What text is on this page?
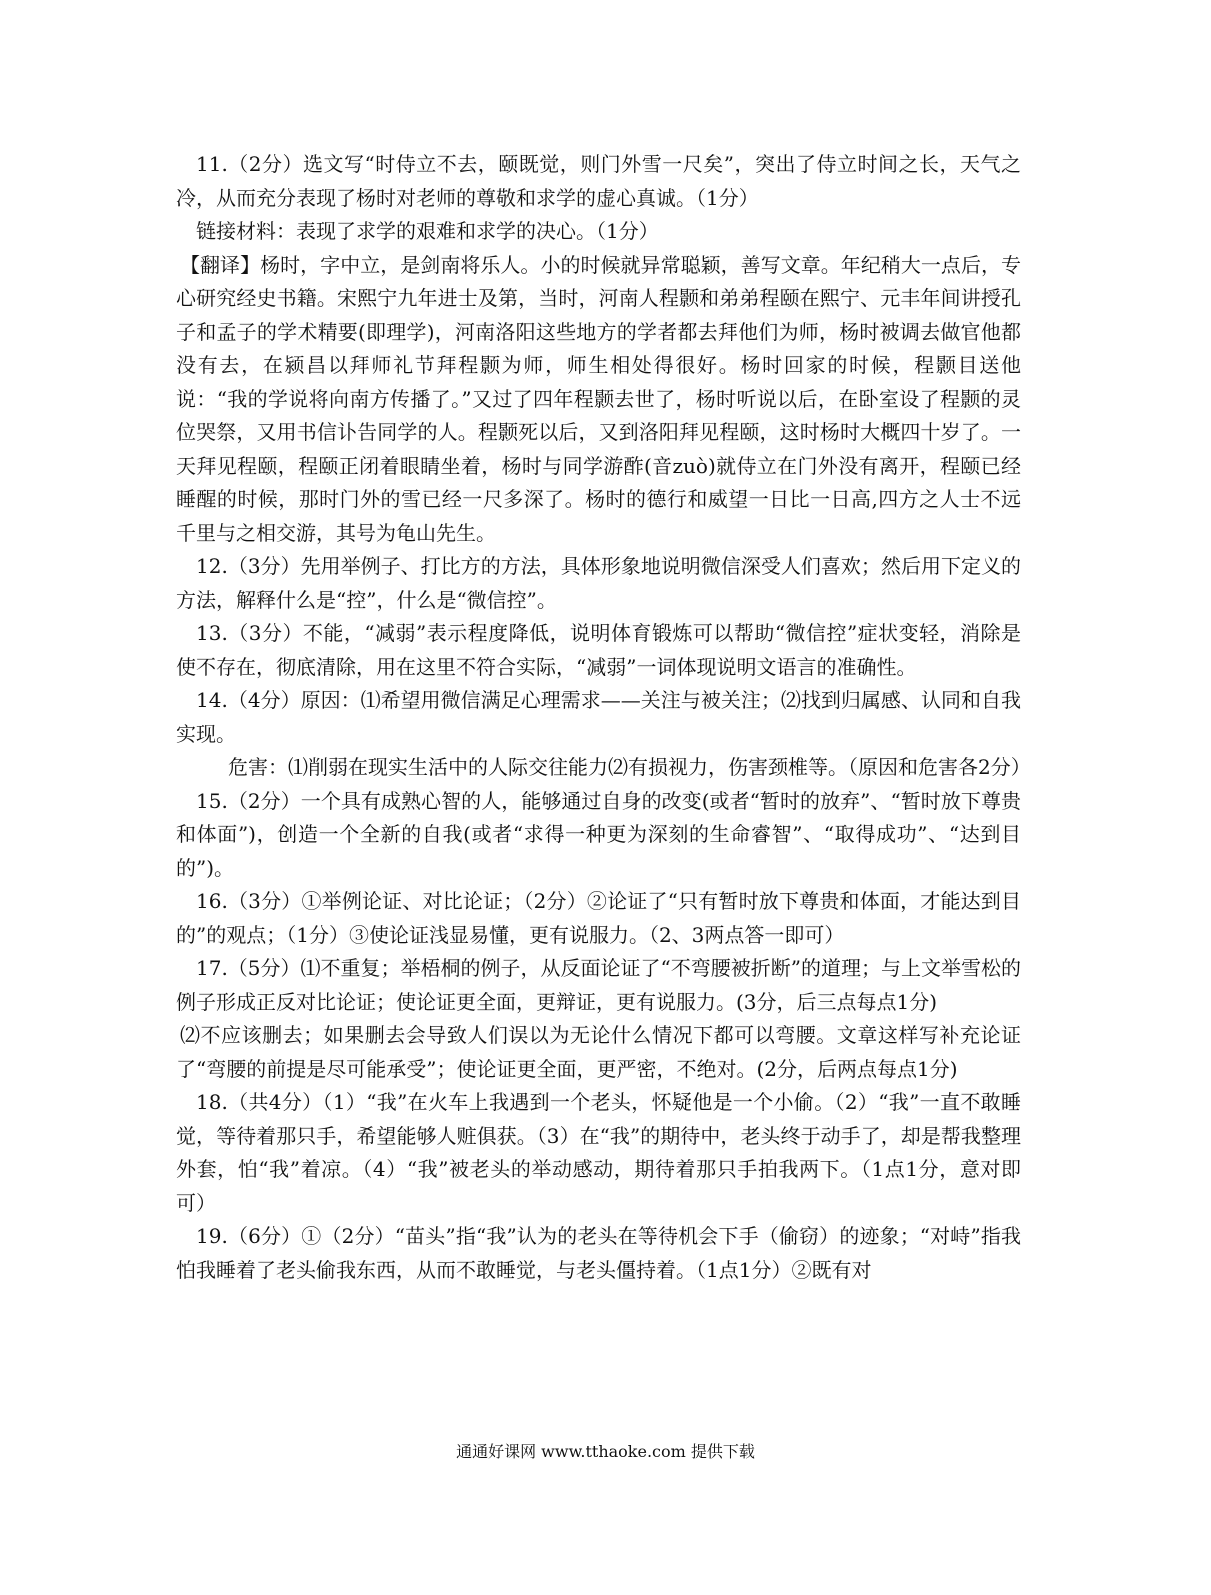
11.（2分）选文写“时侍立不去，颐既觉，则门外雪一尺矣”，突出了侍立时间之长，天气之冷，从而充分表现了杨时对老师的尊敬和求学的虚心真诚。（1分）

链接材料：表现了求学的艰难和求学的决心。（1分）

【翻译】杨时，字中立，是剑南将乐人。小的时候就异常聪颖，善写文章。年纪稍大一点后，专心研究经史书籍。宋熙宁九年进士及第，当时，河南人程颢和弟弟程颐在熙宁、元丰年间讲授孔子和孟子的学术精要(即理学)，河南洛阳这些地方的学者都去拜他们为师，杨时被调去做官他都没有去，在颍昌以拜师礼节拜程颢为师，师生相处得很好。杨时回家的时候，程颢目送他说：“我的学说将向南方传播了。”又过了四年程颢去世了，杨时听说以后，在卧室设了程颢的灵位哭祭，又用书信讣告同学的人。程颢死以后，又到洛阳拜见程颐，这时杨时大概四十岁了。一天拜见程颐，程颐正闭着眼睛坐着，杨时与同学游酢(音zuò)就侍立在门外没有离开，程颐已经睡醒的时候，那时门外的雪已经一尺多深了。杨时的德行和威望一日比一日高,四方之人士不远千里与之相交游，其号为龟山先生。

12.（3分）先用举例子、打比方的方法，具体形象地说明微信深受人们喜欢；然后用下定义的方法，解释什么是“控”，什么是“微信控”。

13.（3分）不能，“减弱”表示程度降低，说明体育锻炼可以帮助“微信控”症状变轻，消除是使不存在，彻底清除，用在这里不符合实际，“减弱”一词体现说明文语言的准确性。

14.（4分）原因：⑴希望用微信满足心理需求——关注与被关注；⑵找到归属感、认同和自我实现。

危害：⑴削弱在现实生活中的人际交往能力⑵有损视力，伤害颈椎等。（原因和危害各2分）

15.（2分）一个具有成熟心智的人，能够通过自身的改变(或者“暂时的放弃”、“暂时放下尊贵　 和体面”)，创造一个全新的自我(或者“求得一种更为深刻的生命睿智”、“取得成功”、“达到目的”)。

16.（3分）①举例论证、对比论证；（2分）②论证了“只有暂时放下尊贵和体面，才能达到目的”的观点；（1分）③使论证浅显易懂，更有说服力。（2、3两点答一即可）

17.（5分）⑴不重复；举梧桐的例子，从反面论证了“不弯腰被折断”的道理；与上文举雪松的例子形成正反对比论证；使论证更全面，更辩证，更有说服力。(3分，后三点每点1分)

⑵不应该删去；如果删去会导致人们误以为无论什么情况下都可以弯腰。文章这样写补充论证了“弯腰的前提是尽可能承受”；使论证更全面，更严密，不绝对。(2分，后两点每点1分)

18.（共4分）（1）“我”在火车上我遇到一个老头，怀疑他是一个小偷。（2）“我”一直不敢睡觉，等待着那只手，希望能够人赃俱获。（3）在“我”的期待中，老头终于动手了，却是帮我整理外套，怕“我”着凉。（4）“我”被老头的举动感动，期待着那只手拍我两下。（1点1分，意对即可）

19.（6分）①（2分）“苗头”指“我”认为的老头在等待机会下手（偷窃）的迹象；“对峙”指我怕我睡着了老头偷我东西，从而不敢睡觉，与老头僵持着。（1点1分）②既有对

通通好课网 www.tthaoke.com 提供下载
